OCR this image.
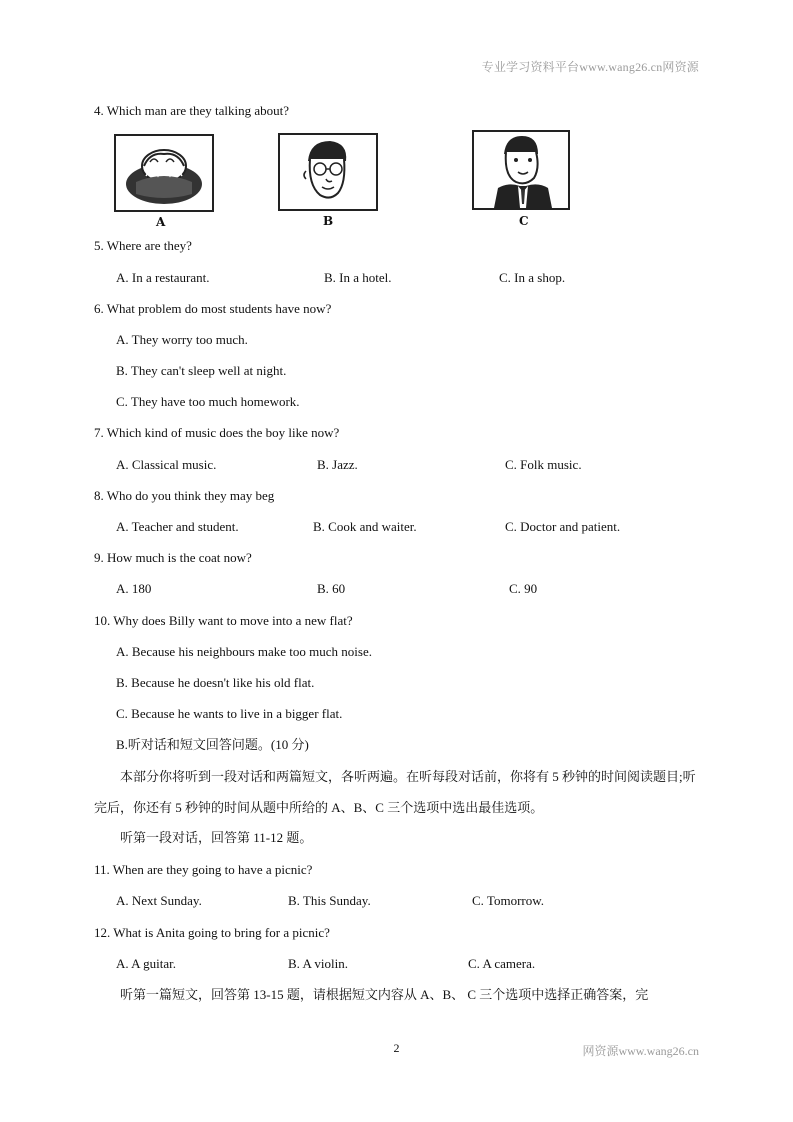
专业学习资料平台www.wang26.cn网资源
4. Which man are they talking about?
A	B	C
5. Where are they?
A. In a restaurant.	B. In a hotel.	C. In a shop.
6. What problem do most students have now?
A. They worry too much.
B. They can't sleep well at night.
C. They have too much homework.
7. Which kind of music does the boy like now?
A. Classical music.	B. Jazz.	C. Folk music.
8. Who do you think they may beg
A. Teacher and student.	B. Cook and waiter.	C. Doctor and patient.
9. How much is the coat now?
A. 180	B. 60	C. 90
10. Why does Billy want to move into a new flat?
A. Because his neighbours make too much noise.
B. Because he doesn't like his old flat.
C. Because he wants to live in a bigger flat.
B.听对话和短文回答问题。(10 分)
本部分你将听到一段对话和两篇短文，各听两遍。在听每段对话前，你将有 5 秒钟的时间阅读题目;听完后，你还有 5 秒钟的时间从题中所给的 A、B、C 三个选项中选出最佳选项。
听第一段对话，回答第 11-12 题。
11. When are they going to have a picnic?
A. Next Sunday.	B. This Sunday.	C. Tomorrow.
12. What is Anita going to bring for a picnic?
A. A guitar.	B. A violin.	C. A camera.
听第一篇短文，回答第 13-15 题，请根据短文内容从 A、B、 C 三个选项中选择正确答案，完
2	网资源www.wang26.cn
